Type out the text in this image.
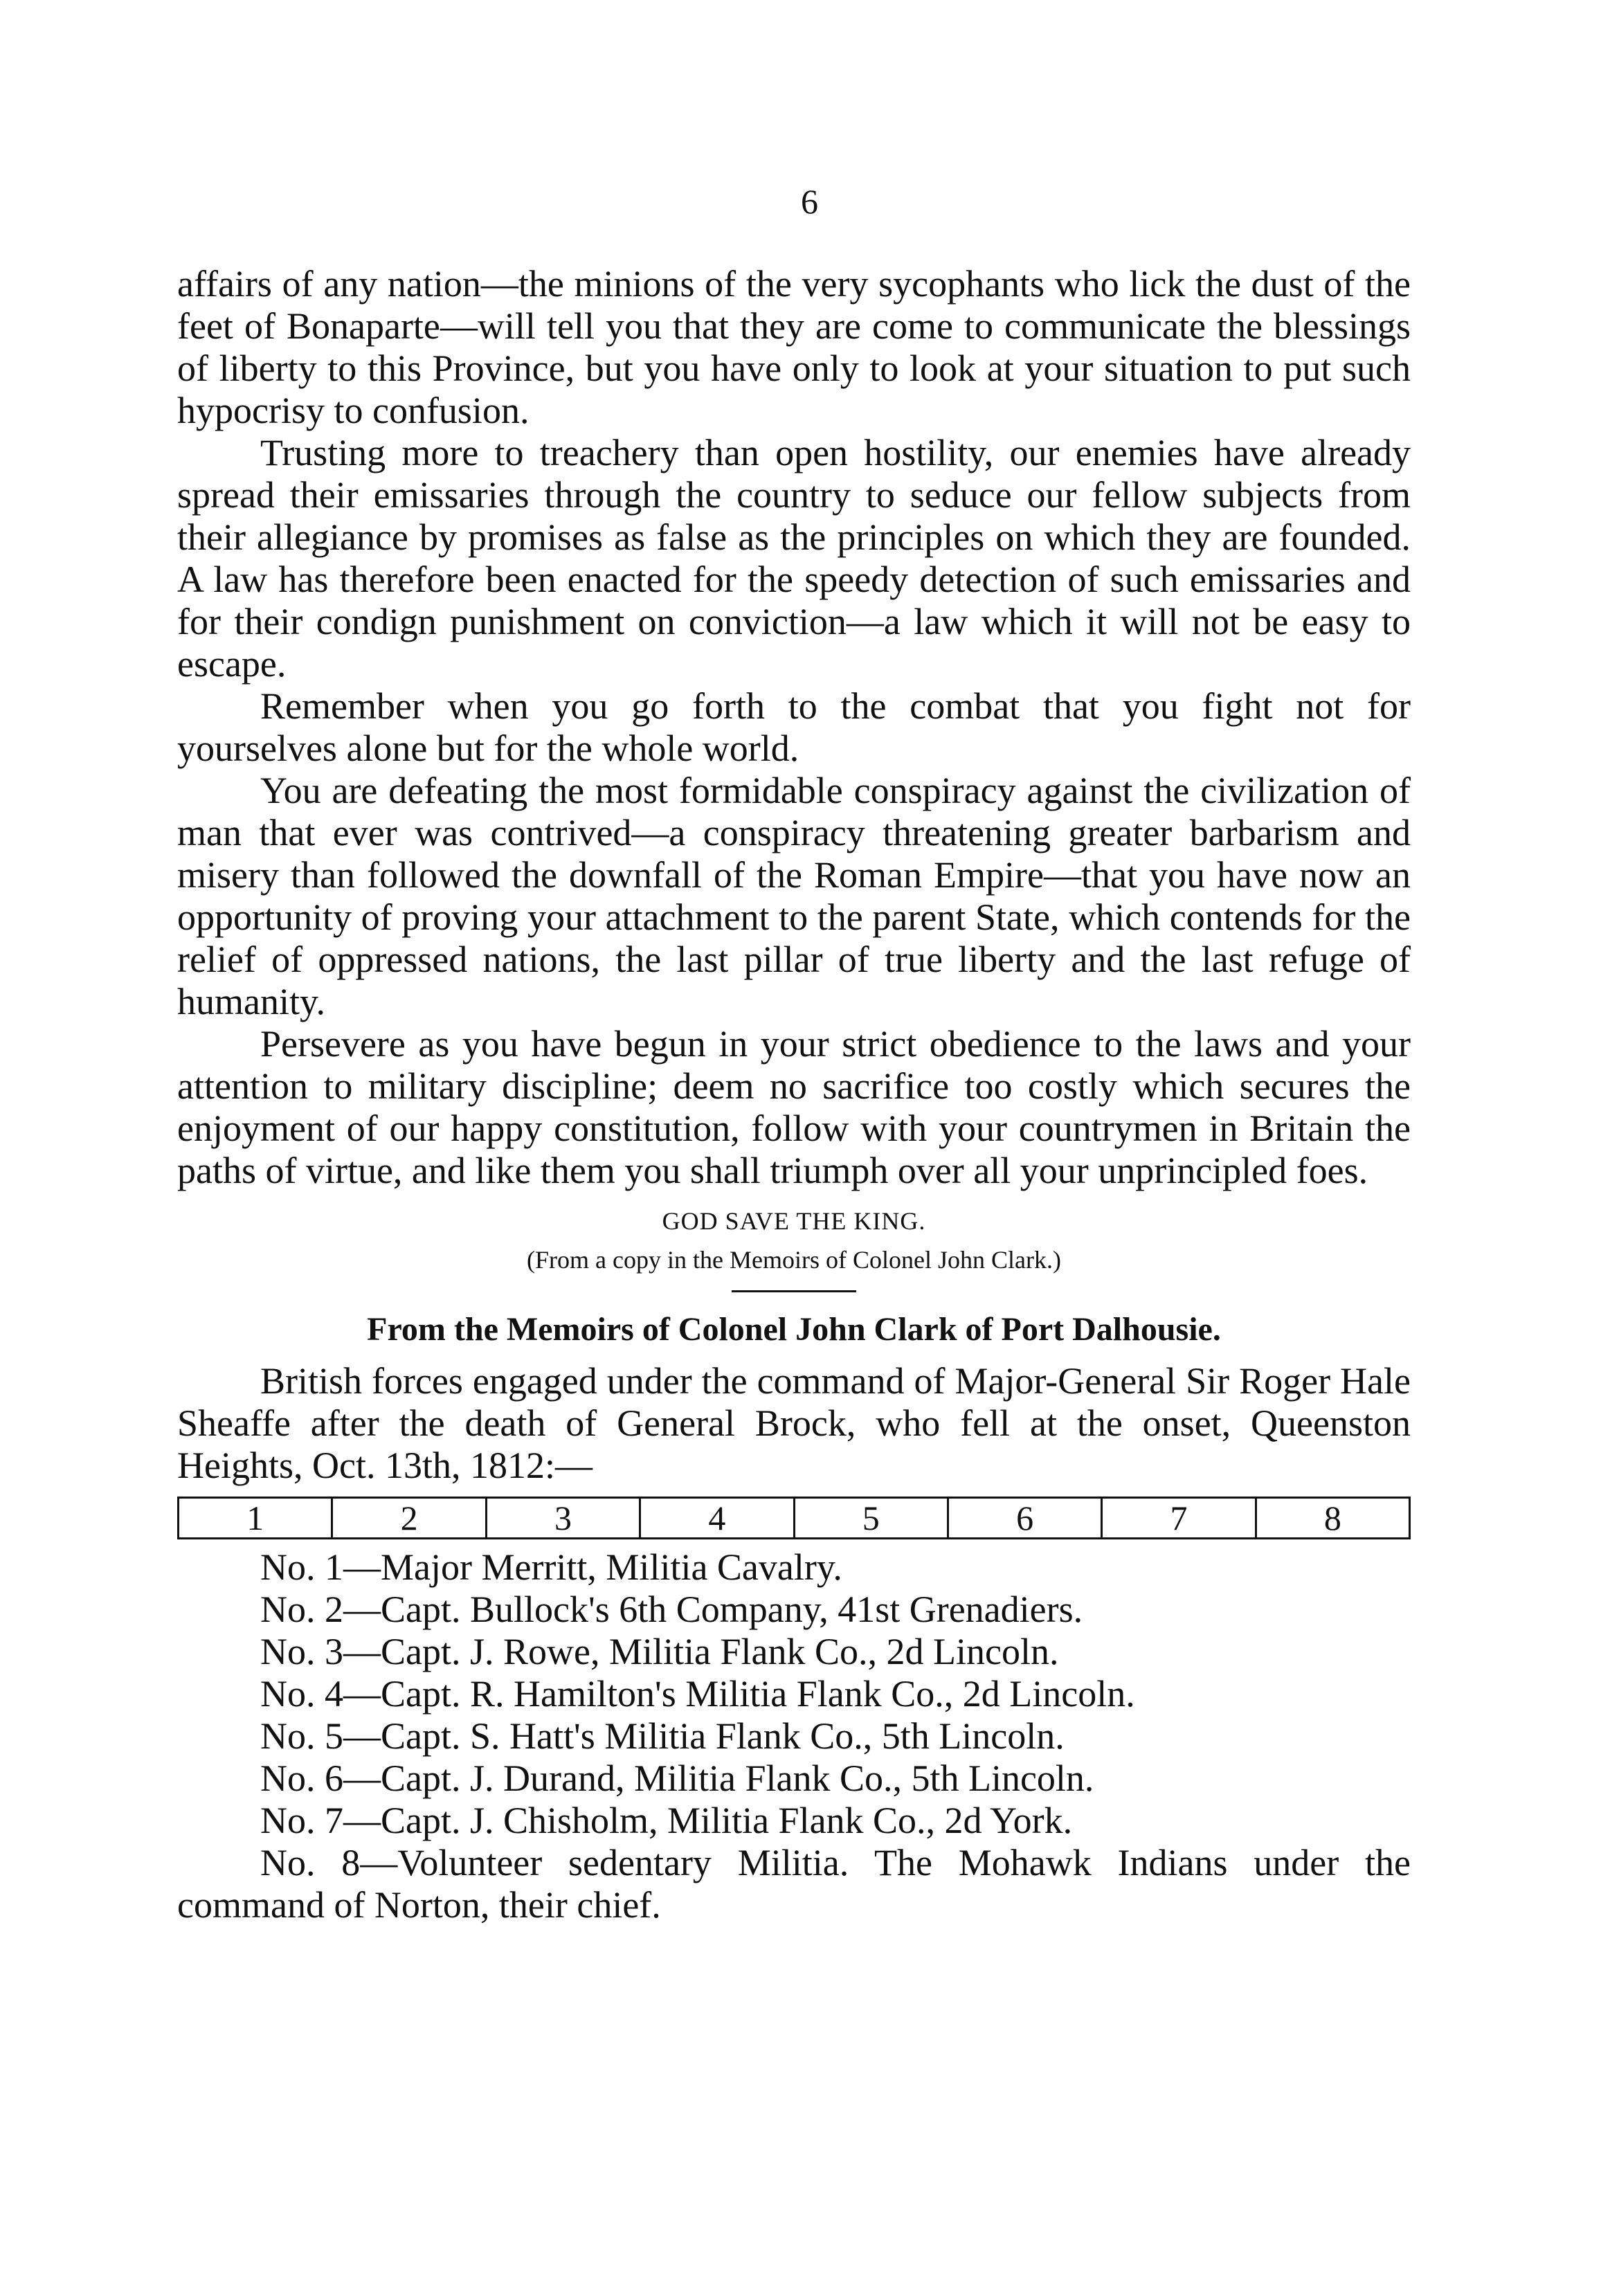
6

affairs of any nation—the minions of the very sycophants who lick the dust of the feet of Bonaparte—will tell you that they are come to communicate the blessings of liberty to this Province, but you have only to look at your situation to put such hypocrisy to confusion.

Trusting more to treachery than open hostility, our enemies have already spread their emissaries through the country to seduce our fellow subjects from their allegiance by promises as false as the principles on which they are founded. A law has therefore been enacted for the speedy detection of such emissaries and for their condign punishment on conviction—a law which it will not be easy to escape.

Remember when you go forth to the combat that you fight not for yourselves alone but for the whole world.

You are defeating the most formidable conspiracy against the civilization of man that ever was contrived—a conspiracy threatening greater barbarism and misery than followed the downfall of the Roman Empire—that you have now an opportunity of proving your attachment to the parent State, which contends for the relief of oppressed nations, the last pillar of true liberty and the last refuge of humanity.

Persevere as you have begun in your strict obedience to the laws and your attention to military discipline; deem no sacrifice too costly which secures the enjoyment of our happy constitution, follow with your countrymen in Britain the paths of virtue, and like them you shall triumph over all your unprincipled foes.

GOD SAVE THE KING.

(From a copy in the Memoirs of Colonel John Clark.)

From the Memoirs of Colonel John Clark of Port Dalhousie.

British forces engaged under the command of Major-General Sir Roger Hale Sheaffe after the death of General Brock, who fell at the onset, Queenston Heights, Oct. 13th, 1812:—

1	2	3	4	5	6	7	8
No. 1—Major Merritt, Militia Cavalry.
No. 2—Capt. Bullock's 6th Company, 41st Grenadiers.
No. 3—Capt. J. Rowe, Militia Flank Co., 2d Lincoln.
No. 4—Capt. R. Hamilton's Militia Flank Co., 2d Lincoln.
No. 5—Capt. S. Hatt's Militia Flank Co., 5th Lincoln.
No. 6—Capt. J. Durand, Militia Flank Co., 5th Lincoln.
No. 7—Capt. J. Chisholm, Militia Flank Co., 2d York.
No. 8—Volunteer sedentary Militia. The Mohawk Indians under the command of Norton, their chief.
